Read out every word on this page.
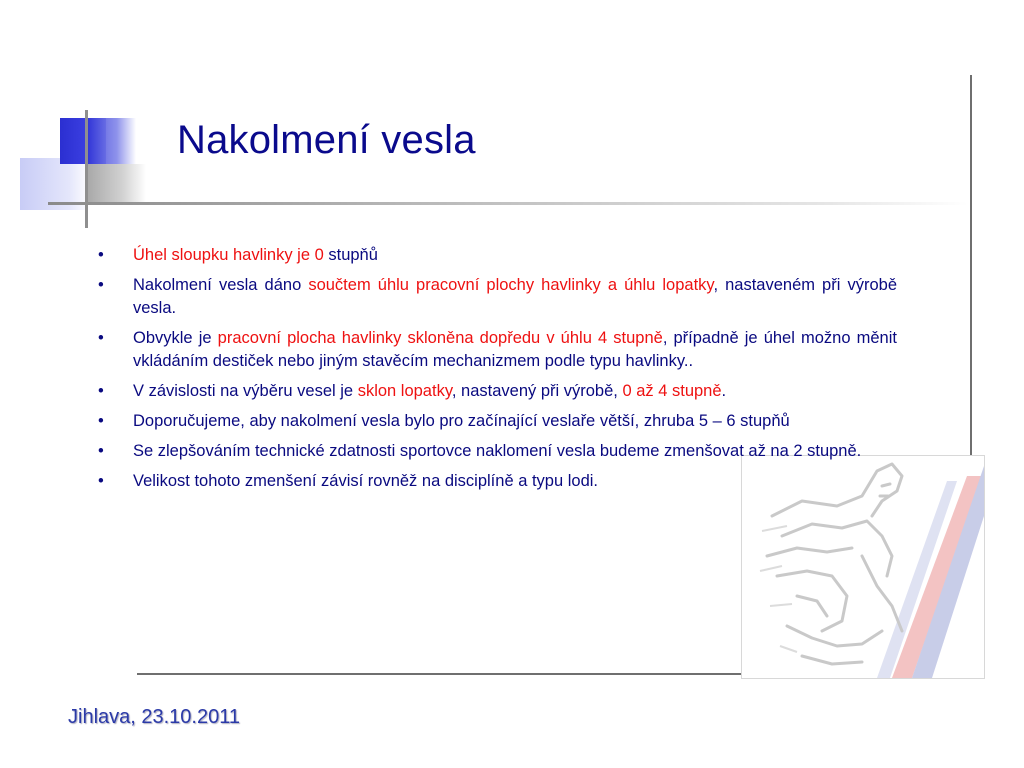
Nakolmení vesla
• Úhel sloupku havlinky je 0 stupňů
• Nakolmení vesla dáno součtem úhlu pracovní plochy havlinky a úhlu lopatky, nastaveném při výrobě vesla.
• Obvykle je pracovní plocha havlinky skloněna dopředu v úhlu 4 stupně, případně je úhel možno měnit vkládáním destiček nebo jiným stavěcím mechanizmem podle typu havlinky..
• V závislosti na výběru vesel je sklon lopatky, nastavený při výrobě, 0 až 4 stupně.
• Doporučujeme, aby nakolmení vesla bylo pro začínající veslaře větší, zhruba 5 – 6 stupňů
• Se zlepšováním technické zdatnosti sportovce naklomení vesla budeme zmenšovat až na 2 stupně.
• Velikost tohoto zmenšení závisí rovněž na disciplíně a typu lodi.
Jihlava, 23.10.2011
